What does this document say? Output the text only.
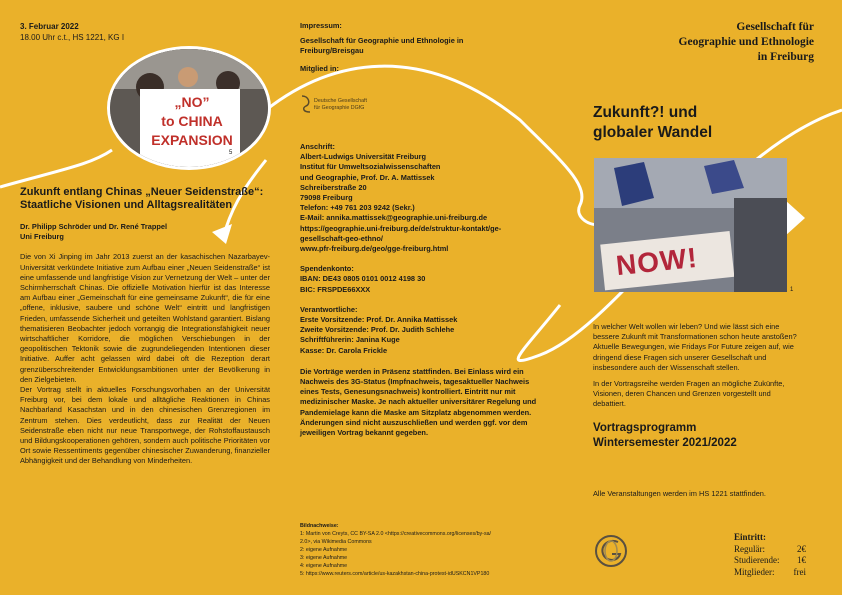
3. Februar 2022
18.00 Uhr c.t., HS 1221, KG I
„NO”
to CHINA
EXPANSION
5
Zukunft entlang Chinas „Neuer Seidenstraße“: Staatliche Visionen und Alltagsrealitäten
Dr. Philipp Schröder und Dr. René Trappel
Uni Freiburg

Die von Xi Jinping im Jahr 2013 zuerst an der kasachischen Nazarbayev-Universität verkündete Initiative zum Aufbau einer „Neuen Seidenstraße“ ist eine umfassende und langfristige Vision zur Vernetzung der Welt – unter der Schirmherrschaft Chinas. Die offizielle Motivation hierfür ist das Interesse am Aufbau einer „Gemeinschaft für eine gemeinsame Zukunft“, die für eine „offene, inklusive, saubere und schöne Welt“ eintritt und langfristigen Frieden, umfassende Sicherheit und geteilten Wohlstand garantiert. Bislang thematisieren Beobachter jedoch vorrangig die Integrationsfähigkeit neuer wirtschaftlicher Korridore, die möglichen Verschiebungen in der geopolitischen Tektonik sowie die zugrundeliegenden Intentionen dieser Initiative. Auffer acht gelassen wird dabei oft die Rezeption derart grenzüberschreitender Entwicklungsambitionen unter der Bevölkerung in den Zielgebieten.

Der Vortrag stellt in aktuelles Forschungsvorhaben an der Universität Freiburg vor, bei dem lokale und alltägliche Reaktionen in Chinas Nachbarland Kasachstan und in den chinesischen Grenzregionen im Zentrum stehen. Dies verdeutlicht, dass zur Realität der Neuen Seidenstraße eben nicht nur neue Transportwege, der Rohstoffaustausch und Bildungskooperationen gehören, sondern auch politische Prioritäten vor Ort sowie Ressentiments gegenüber chinesischer Zuwanderung, finanzieller Abhängigkeit und der Behandlung von Minderheiten.

Impressum:
Gesellschaft für Geographie und Ethnologie in Freiburg/Breisgau
Mitglied in:
Deutsche Gesellschaft
für Geographie DGfG
Anschrift:
Albert-Ludwigs Universität Freiburg
Institut für Umweltsozialwissenschaften
und Geographie, Prof. Dr. A. Mattissek
Schreiberstraße 20
79098 Freiburg
Telefon: +49 761 203 9242 (Sekr.)
E-Mail: annika.mattissek@geographie.uni-freiburg.de
https://geographie.uni-freiburg.de/de/struktur-kontakt/ge-
gesellschaft-geo-ethno/
www.pfr-freiburg.de/geo/gge-freiburg.html
Spendenkonto:
IBAN: DE43 0805 0101 0012 4198 30
BIC: FRSPDE66XXX
Verantwortliche:
Erste Vorsitzende: Prof. Dr. Annika Mattissek
Zweite Vorsitzende: Prof. Dr. Judith Schlehe
Schriftführerin: Janina Kuge
Kasse: Dr. Carola Frickle

Die Vorträge werden in Präsenz stattfinden. Bei Einlass wird ein Nachweis des 3G-Status (Impfnachweis, tagesaktueller Nachweis eines Tests, Genesungsnachweis) kontrolliert. Eintritt nur mit medizinischer Maske. Je nach aktueller universitärer Regelung und Pandemielage kann die Maske am Sitzplatz abgenommen werden. Änderungen sind nicht auszuschließen und werden ggf. vor dem jeweiligen Vortrag bekannt gegeben.

Bildnachweise:
1: Martin von Creyts, CC BY-SA 2.0 <https://creativecommons.org/licenses/by-sa/
2.0>, via Wikimedia Commons
2: eigene Aufnahme
3: eigene Aufnahme
4: eigene Aufnahme
5: https://www.reuters.com/article/us-kazakhstan-china-protest-idUSKCN1VP180
Gesellschaft für
Geographie und Ethnologie
in Freiburg
Zukunft?! und
globaler Wandel
NOW!
1

In welcher Welt wollen wir leben? Und wie lässt sich eine bessere Zukunft mit Transformationen schon heute anstoßen? Aktuelle Bewegungen, wie Fridays For Future zeigen auf, wie dringend diese Fragen sich unserer Gesellschaft und insbesondere auch der Wissenschaft stellen.

In der Vortragsreihe werden Fragen an mögliche Zukünfte, Visionen, deren Chancen und Grenzen vorgestellt und debattiert.

Vortragsprogramm
Wintersemester 2021/2022
Alle Veranstaltungen werden im HS 1221 stattfinden.
Eintritt:
Regulär:	2€
Studierende: 1€
Mitglieder: frei
